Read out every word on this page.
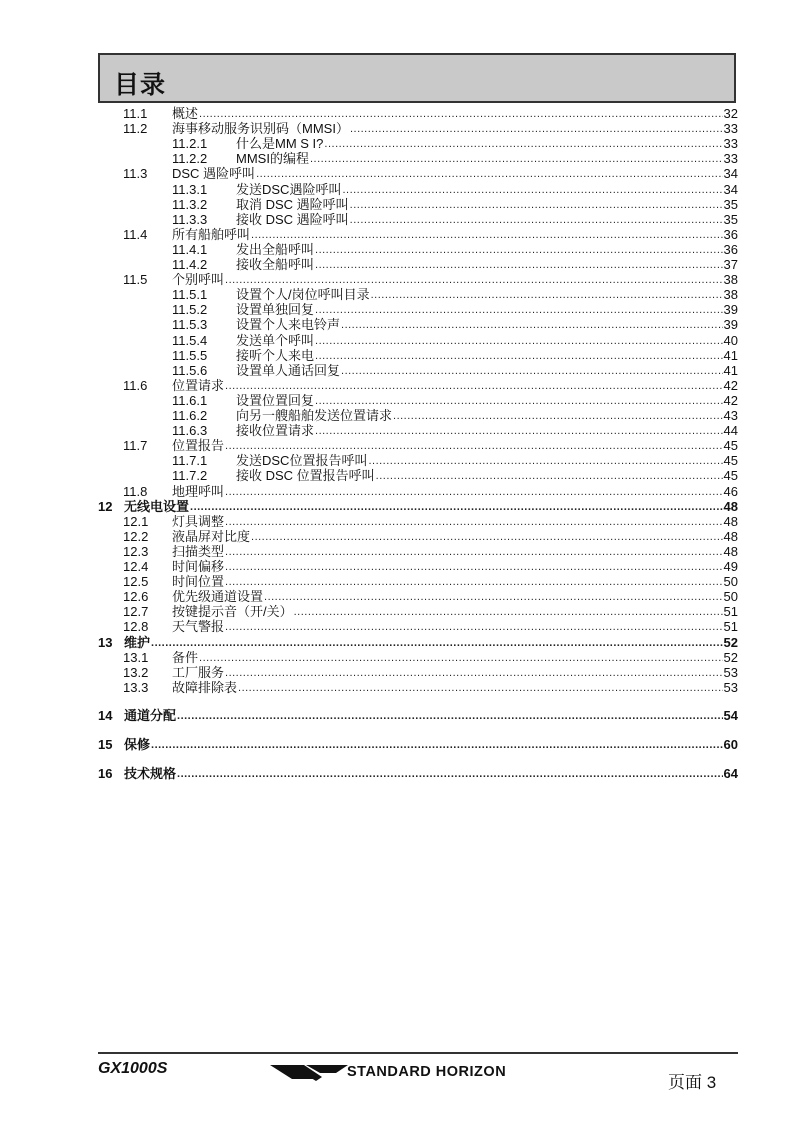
目录
11.1	概述 .....	32
11.2	海事移动服务识别码（MMSI） .....	33
11.2.1	什么是MM S I? .....	33
11.2.2	MMSI的编程 .....	33
11.3	DSC 遇险呼叫 .....	34
11.3.1	发送DSC遇险呼叫 .....	34
11.3.2	取消 DSC 遇险呼叫 .....	35
11.3.3	接收 DSC 遇险呼叫 .....	35
11.4	所有船舶呼叫 .....	36
11.4.1	发出全船呼叫 .....	36
11.4.2	接收全船呼叫 .....	37
11.5	个别呼叫 .....	38
11.5.1	设置个人/岗位呼叫目录 .....	38
11.5.2	设置单独回复 .....	39
11.5.3	设置个人来电铃声 .....	39
11.5.4	发送单个呼叫 .....	40
11.5.5	接听个人来电 .....	41
11.5.6	设置单人通话回复 .....	41
11.6	位置请求 .....	42
11.6.1	设置位置回复 .....	42
11.6.2	向另一艘船舶发送位置请求 .....	43
11.6.3	接收位置请求 .....	44
11.7	位置报告 .....	45
11.7.1	发送DSC位置报告呼叫 .....	45
11.7.2	接收 DSC 位置报告呼叫 .....	45
11.8	地理呼叫 .....	46
12 无线电设置 .....	48
12.1	灯具调整 .....	48
12.2	液晶屏对比度 .....	48
12.3	扫描类型 .....	48
12.4	时间偏移 .....	49
12.5	时间位置 .....	50
12.6	优先级通道设置 .....	50
12.7	按键提示音（开/关） .....	51
12.8	天气警报 .....	51
13 维护 .....	52
13.1	备件 .....	52
13.2	工厂服务 .....	53
13.3	故障排除表 .....	53
14 通道分配 .....	54
15 保修 .....	60
16 技术规格 .....	64
GX1000S	STANDARD HORIZON
页面 3
